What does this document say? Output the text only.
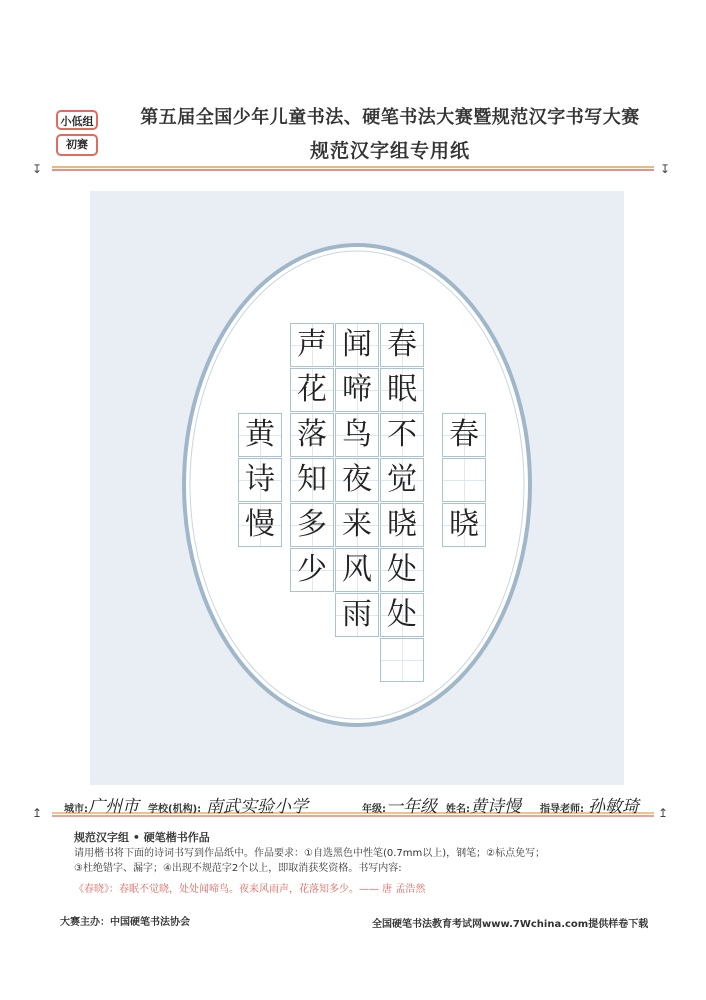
小低组
初赛
第五届全国少年儿童书法、硬笔书法大赛暨规范汉字书写大赛
规范汉字组专用纸
↧	↧
春
晓
春
眠
不
觉
晓
处
处
闻
啼
鸟
夜
来
风
雨
声
花
落
知
多
少
黄
诗
慢
↥	↥
城市: 广州市 学校(机构): 南武实验小学	年级: 一年级 姓名: 黄诗慢 指导老师: 孙敏琦
规范汉字组 • 硬笔楷书作品
请用楷书将下面的诗词书写到作品纸中。作品要求：①自选黑色中性笔(0.7mm以上)，钢笔；②标点免写；
③杜绝错字、漏字；④出现不规范字2个以上，即取消获奖资格。书写内容:
《春晓》：春眠不觉晓，处处闻啼鸟。夜来风雨声，花落知多少。—— 唐 孟浩然
大赛主办：中国硬笔书法协会	全国硬笔书法教育考试网www.7Wchina.com提供样卷下载
